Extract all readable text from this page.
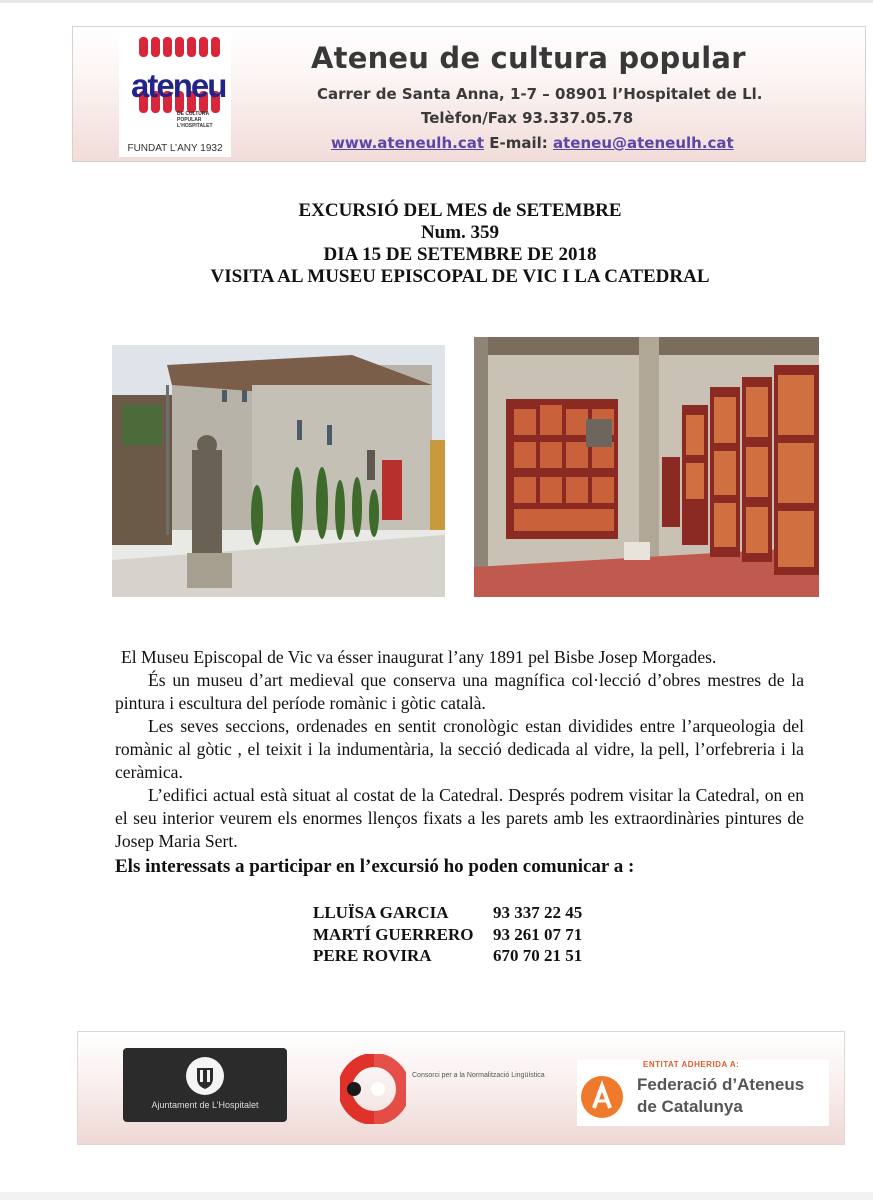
ateneu
DE CULTURA POPULAR L'HOSPITALET
FUNDAT L’ANY 1932
Ateneu de cultura popular
Carrer de Santa Anna, 1-7 – 08901 l’Hospitalet de Ll.
Telèfon/Fax 93.337.05.78
www.ateneulh.cat E-mail: ateneu@ateneulh.cat
EXCURSIÓ DEL MES de SETEMBRE
Num. 359
DIA 15 DE SETEMBRE DE 2018
VISITA AL MUSEU EPISCOPAL DE VIC I LA CATEDRAL

El Museu Episcopal de Vic va ésser inaugurat l’any 1891 pel Bisbe Josep Morgades.

És un museu d’art medieval que conserva una magnífica col·lecció d’obres mestres de la pintura i escultura del període romànic i gòtic català.

Les seves seccions, ordenades en sentit cronològic estan dividides entre l’arqueologia del romànic al gòtic , el teixit i la indumentària, la secció dedicada al vidre, la pell, l’orfebreria i la ceràmica.

L’edifici actual està situat al costat de la Catedral. Després podrem visitar la Catedral, on en el seu interior veurem els enormes llenços fixats a les parets amb les extraordinàries pintures de Josep Maria Sert.

Els interessats a participar en l’excursió ho poden comunicar a :
LLUÏSA GARCIA	93 337 22 45
MARTÍ GUERRERO	93 261 07 71
PERE ROVIRA	670 70 21 51
Ajuntament de L’Hospitalet
Consorci per a la Normalització Lingüística
ENTITAT ADHERIDA A:
Federació d’Ateneus
de Catalunya
